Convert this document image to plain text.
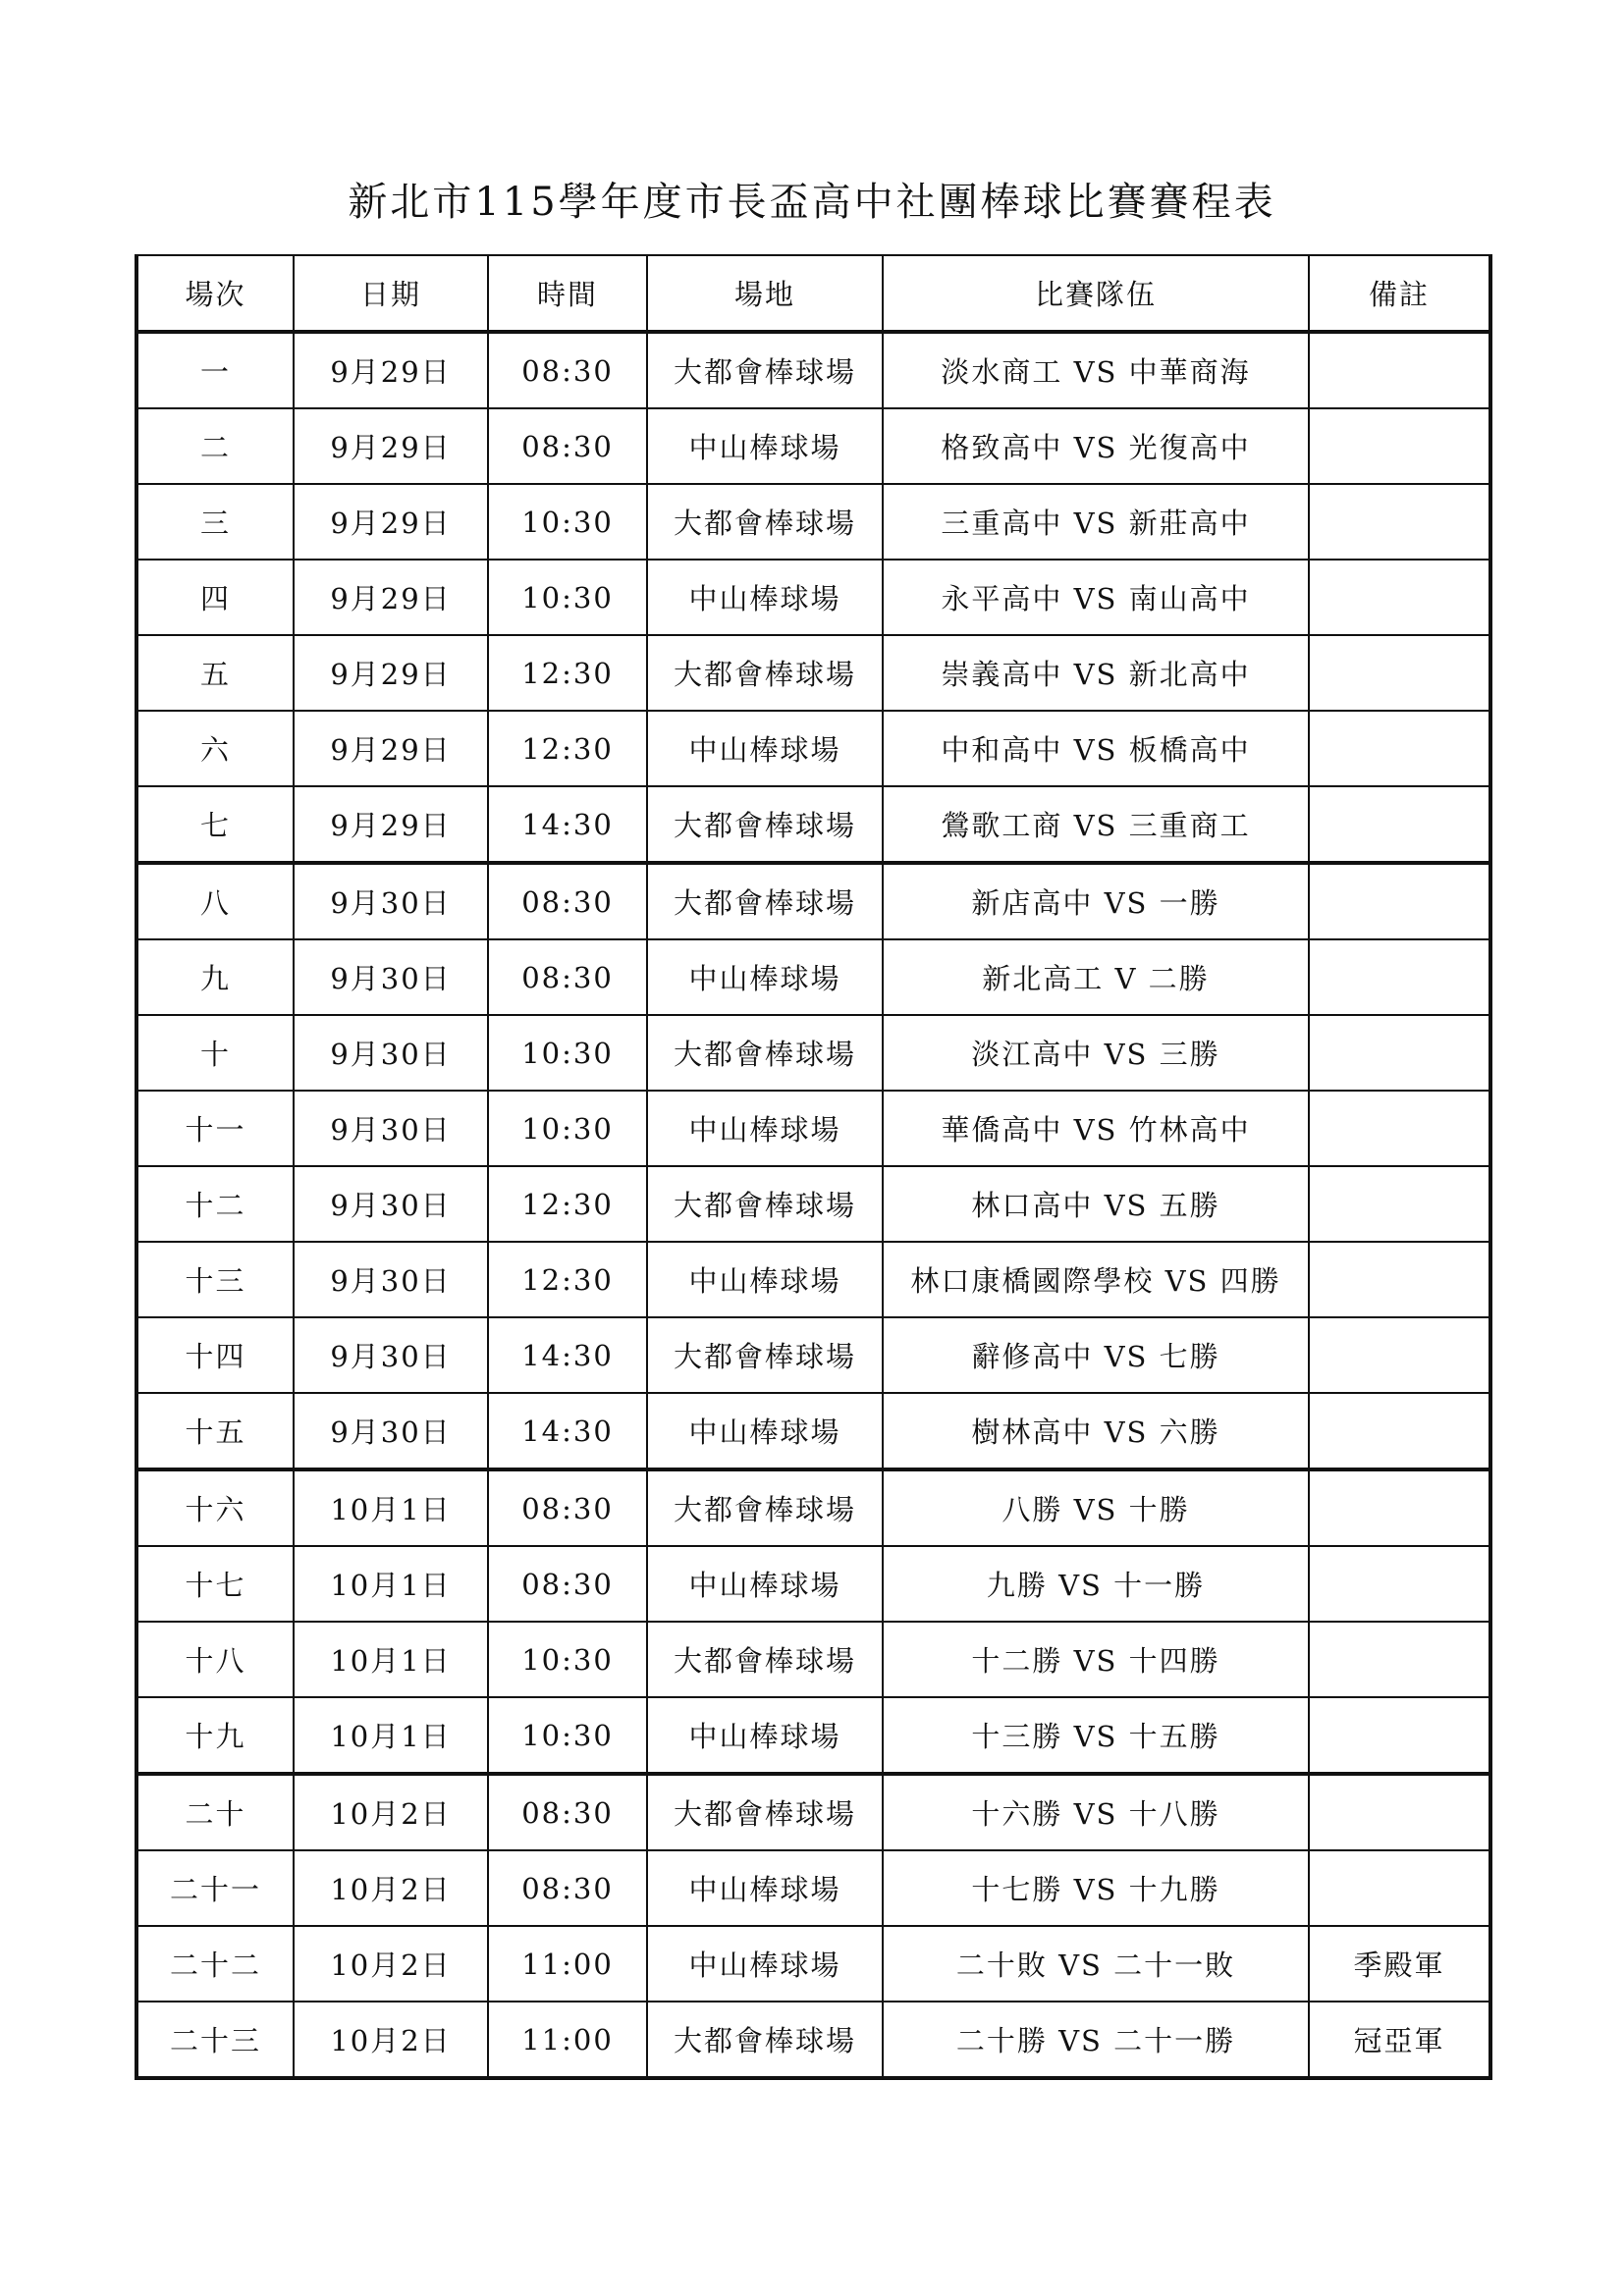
新北市115學年度市長盃高中社團棒球比賽賽程表
場次	日期	時間	場地	比賽隊伍	備註
一	9月29日	08:30	大都會棒球場	淡水商工 VS 中華商海	
二	9月29日	08:30	中山棒球場	格致高中 VS 光復高中	
三	9月29日	10:30	大都會棒球場	三重高中 VS 新莊高中	
四	9月29日	10:30	中山棒球場	永平高中 VS 南山高中	
五	9月29日	12:30	大都會棒球場	崇義高中 VS 新北高中	
六	9月29日	12:30	中山棒球場	中和高中 VS 板橋高中	
七	9月29日	14:30	大都會棒球場	鶯歌工商 VS 三重商工	
八	9月30日	08:30	大都會棒球場	新店高中 VS 一勝	
九	9月30日	08:30	中山棒球場	新北高工 V 二勝	
十	9月30日	10:30	大都會棒球場	淡江高中 VS 三勝	
十一	9月30日	10:30	中山棒球場	華僑高中 VS 竹林高中	
十二	9月30日	12:30	大都會棒球場	林口高中 VS 五勝	
十三	9月30日	12:30	中山棒球場	林口康橋國際學校 VS 四勝	
十四	9月30日	14:30	大都會棒球場	辭修高中 VS 七勝	
十五	9月30日	14:30	中山棒球場	樹林高中 VS 六勝	
十六	10月1日	08:30	大都會棒球場	八勝 VS 十勝	
十七	10月1日	08:30	中山棒球場	九勝 VS 十一勝	
十八	10月1日	10:30	大都會棒球場	十二勝 VS 十四勝	
十九	10月1日	10:30	中山棒球場	十三勝 VS 十五勝	
二十	10月2日	08:30	大都會棒球場	十六勝 VS 十八勝	
二十一	10月2日	08:30	中山棒球場	十七勝 VS 十九勝	
二十二	10月2日	11:00	中山棒球場	二十敗 VS 二十一敗	季殿軍
二十三	10月2日	11:00	大都會棒球場	二十勝 VS 二十一勝	冠亞軍
